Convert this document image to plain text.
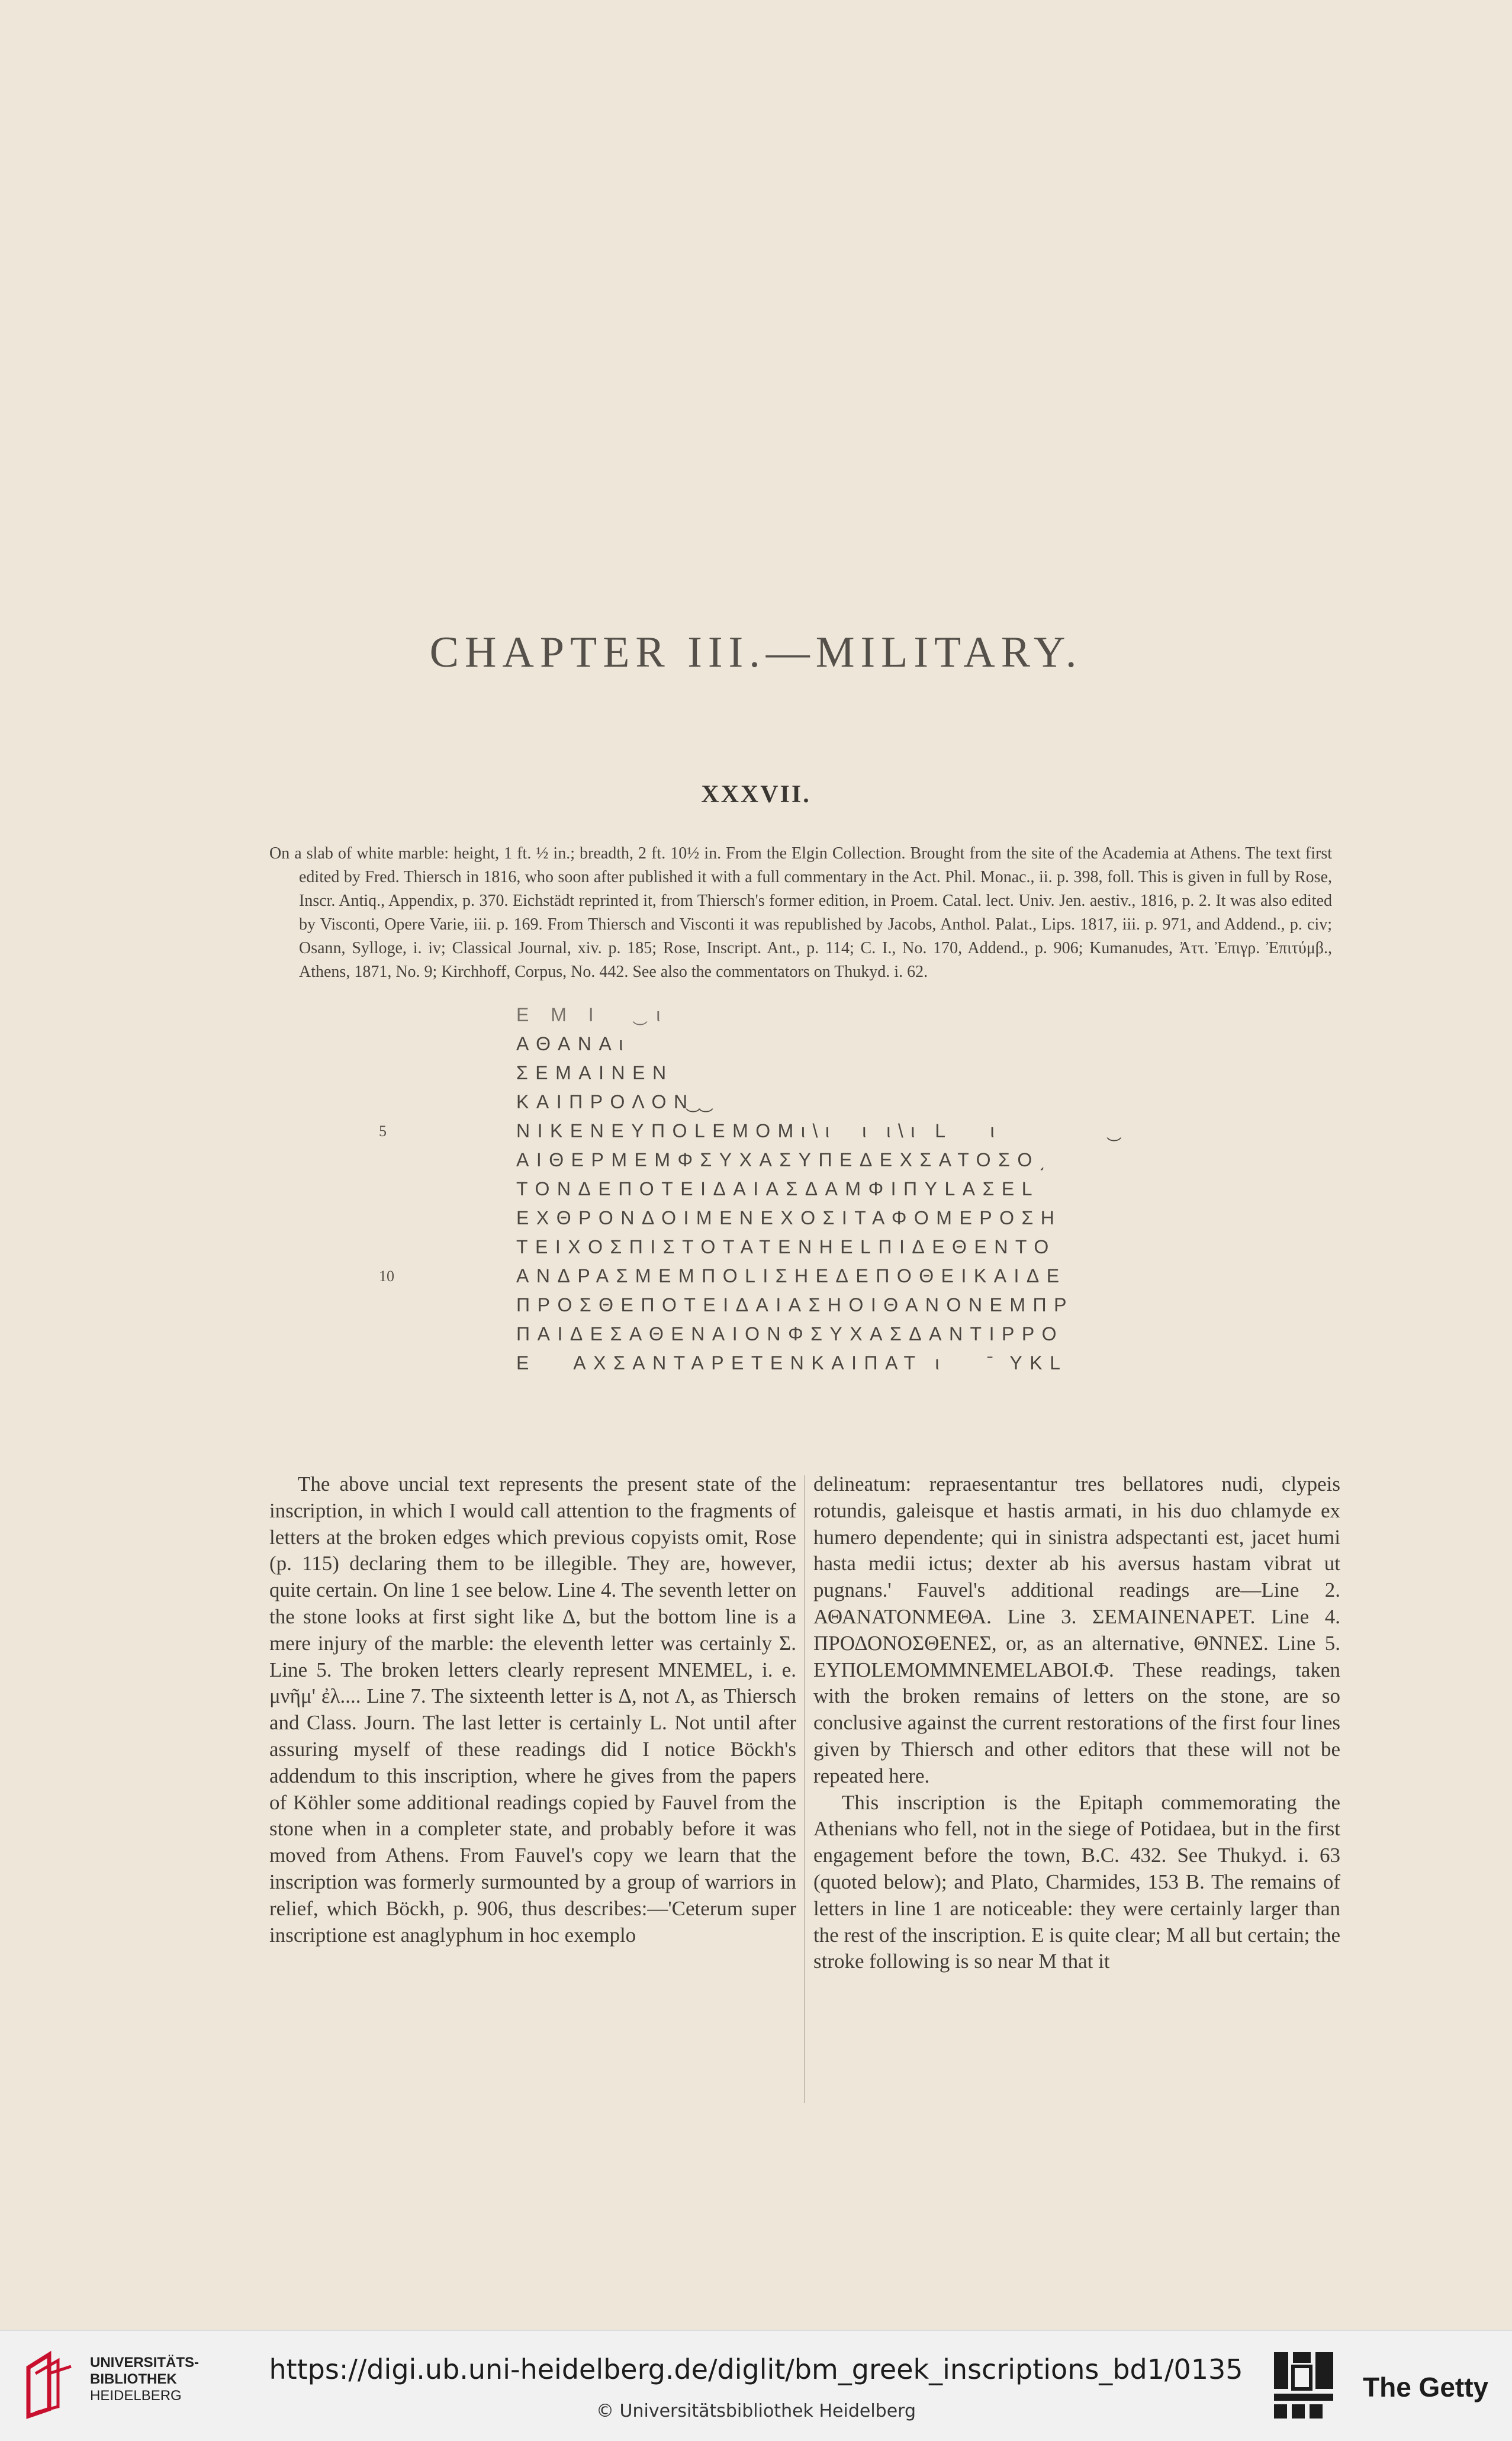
CHAPTER III.—MILITARY.
XXXVII.

On a slab of white marble: height, 1 ft. ½ in.; breadth, 2 ft. 10½ in. From the Elgin Collection. Brought from the site of the Academia at Athens. The text first edited by Fred. Thiersch in 1816, who soon after published it with a full commentary in the Act. Phil. Monac., ii. p. 398, foll. This is given in full by Rose, Inscr. Antiq., Appendix, p. 370. Eichstädt reprinted it, from Thiersch's former edition, in Proem. Catal. lect. Univ. Jen. aestiv., 1816, p. 2. It was also edited by Visconti, Opere Varie, iii. p. 169. From Thiersch and Visconti it was republished by Jacobs, Anthol. Palat., Lips. 1817, iii. p. 971, and Addend., p. civ; Osann, Sylloge, i. iv; Classical Journal, xiv. p. 185; Rose, Inscript. Ant., p. 114; C. I., No. 170, Addend., p. 906; Kumanudes, Ἀττ. Ἐπιγρ. Ἐπιτύμβ., Athens, 1871, No. 9; Kirchhoff, Corpus, No. 442. See also the commentators on Thukyd. i. 62.

Ε Μ Ι   ͜ ι
ΑΘΑΝΑι
ΣΕΜΑΙΝΕΝ
ΚΑΙΠΡΟΛΟΝ͜ ͜
5	ΝΙΚΕΝΕΥΠΟLΕΜΟΜι\ι  ι ι\ι L   ι         ͜
ΑΙΘΕΡΜΕΜΦΣΥΧΑΣΥΠΕΔΕΧΣΑΤΟΣΟ͵
ΤΟΝΔΕΠΟΤΕΙΔΑΙΑΣΔΑΜΦΙΠΥLΑΣΕL
ΕΧΘΡΟΝΔΟΙΜΕΝΕΧΟΣΙΤΑΦΟΜΕΡΟΣΗ
ΤΕΙΧΟΣΠΙΣΤΟΤΑΤΕΝΗΕLΠΙΔΕΘΕΝΤΟ
10	ΑΝΔΡΑΣΜΕΜΠΟLΙΣΗΕΔΕΠΟΘΕΙΚΑΙΔΕ
ΠΡΟΣΘΕΠΟΤΕΙΔΑΙΑΣΗΟΙΘΑΝΟΝΕΜΠΡ
ΠΑΙΔΕΣΑΘΕΝΑΙΟΝΦΣΥΧΑΣΔΑΝΤΙΡΡΟ
Ε   ΑΧΣΑΝΤΑΡΕΤΕΝΚΑΙΠΑΤ ι    ̄ ΥΚL

The above uncial text represents the present state of the inscription, in which I would call attention to the fragments of letters at the broken edges which previous copyists omit, Rose (p. 115) declaring them to be illegible. They are, however, quite certain. On line 1 see below. Line 4. The seventh letter on the stone looks at first sight like Δ, but the bottom line is a mere injury of the marble: the eleventh letter was certainly Σ. Line 5. The broken letters clearly represent ΜΝΕΜΕL, i. e. μνῆμ' ἐλ.... Line 7. The sixteenth letter is Δ, not Λ, as Thiersch and Class. Journ. The last letter is certainly L. Not until after assuring myself of these readings did I notice Böckh's addendum to this inscription, where he gives from the papers of Köhler some additional readings copied by Fauvel from the stone when in a completer state, and probably before it was moved from Athens. From Fauvel's copy we learn that the inscription was formerly surmounted by a group of warriors in relief, which Böckh, p. 906, thus describes:—'Ceterum super inscriptione est anaglyphum in hoc exemplo

delineatum: repraesentantur tres bellatores nudi, clypeis rotundis, galeisque et hastis armati, in his duo chlamyde ex humero dependente; qui in sinistra adspectanti est, jacet humi hasta medii ictus; dexter ab his aversus hastam vibrat ut pugnans.' Fauvel's additional readings are—Line 2. ΑΘΑΝΑΤΟΝΜΕΘΑ. Line 3. ΣΕΜΑΙΝΕΝΑΡΕΤ. Line 4. ΠΡΟΔΟΝΟΣΘΕΝΕΣ, or, as an alternative, ΘΝΝΕΣ. Line 5. ΕΥΠΟLΕΜΟΜΜΝΕΜΕLΑΒΟΙ.Φ. These readings, taken with the broken remains of letters on the stone, are so conclusive against the current restorations of the first four lines given by Thiersch and other editors that these will not be repeated here.

This inscription is the Epitaph commemorating the Athenians who fell, not in the siege of Potidaea, but in the first engagement before the town, B.C. 432. See Thukyd. i. 63 (quoted below); and Plato, Charmides, 153 B. The remains of letters in line 1 are noticeable: they were certainly larger than the rest of the inscription. Ε is quite clear; Μ all but certain; the stroke following is so near Μ that it

UNIVERSITÄTS-
BIBLIOTHEK
HEIDELBERG
https://digi.ub.uni-heidelberg.de/diglit/bm_greek_inscriptions_bd1/0135
© Universitätsbibliothek Heidelberg
The Getty
